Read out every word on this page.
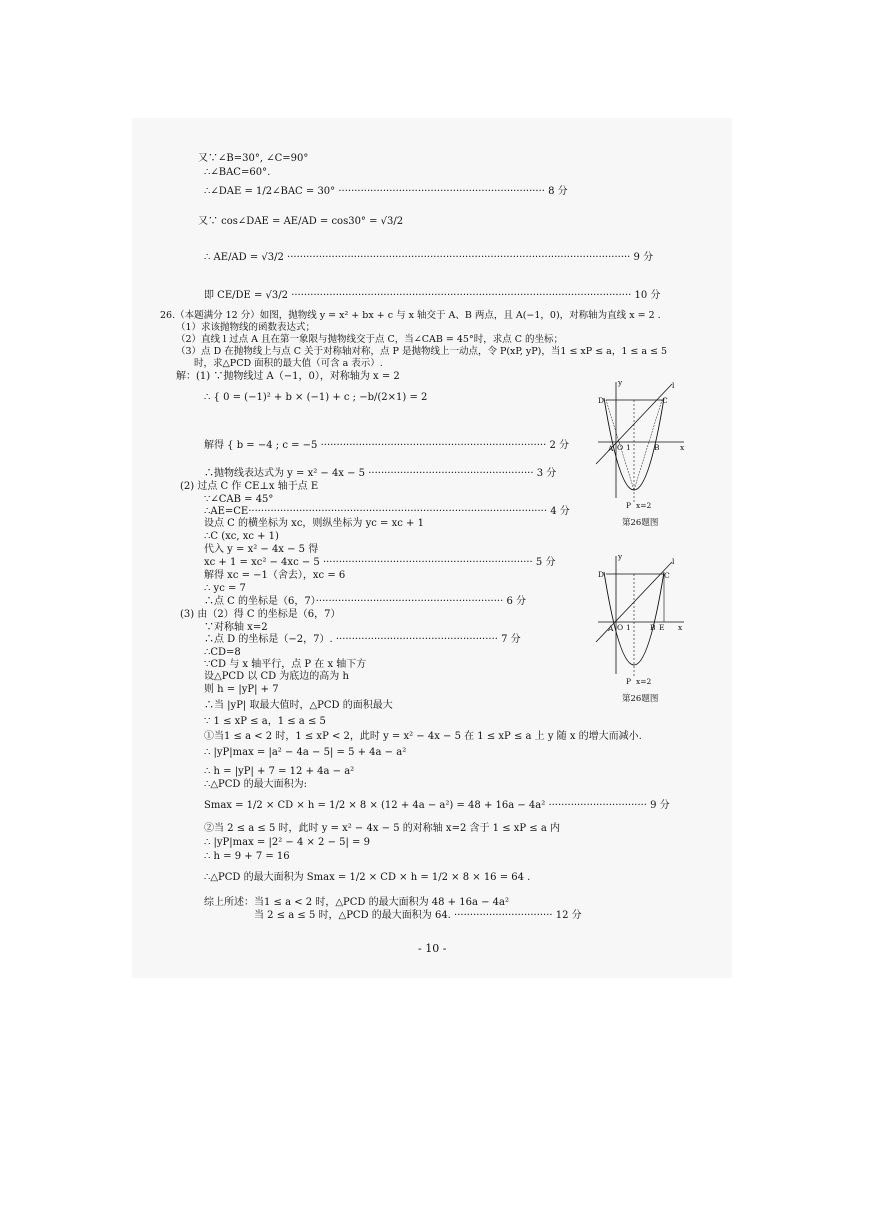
又∵∠B=30°, ∠C=90°
∴∠BAC=60°.
∴∠DAE = 1/2∠BAC = 30° ································································· 8 分
又∵ cos∠DAE = AE/AD = cos30° = √3/2
∴ AE/AD = √3/2 ············································································································ 9 分
即 CE/DE = √3/2 ··········································································································· 10 分
26.（本题满分 12 分）如图，抛物线 y = x² + bx + c 与 x 轴交于 A、B 两点，且 A(−1，0)，对称轴为直线 x = 2 .
（1）求该抛物线的函数表达式；
（2）直线 l 过点 A 且在第一象限与抛物线交于点 C，当∠CAB = 45°时，求点 C 的坐标；
（3）点 D 在抛物线上与点 C 关于对称轴对称，点 P 是抛物线上一动点，令 P(xP, yP)，当1 ≤ xP ≤ a，1 ≤ a ≤ 5
时，求△PCD 面积的最大值（可含 a 表示）.
解：(1) ∵抛物线过 A（−1，0），对称轴为 x = 2
∴ { 0 = (−1)² + b × (−1) + c ; −b/(2×1) = 2
解得 { b = −4 ; c = −5 ······································································· 2 分
∴抛物线表达式为 y = x² − 4x − 5 ···················································· 3 分
(2) 过点 C 作 CE⊥x 轴于点 E
∵∠CAB = 45°
∴AE=CE······························································································ 4 分
设点 C 的横坐标为 xc，则纵坐标为 yc = xc + 1
∴C (xc, xc + 1)
代入 y = x² − 4x − 5 得
xc + 1 = xc² − 4xc − 5 ·································································· 5 分
解得 xc = −1（舍去），xc = 6
∴ yc = 7
∴点 C 的坐标是（6，7）··························································· 6 分
(3) 由（2）得 C 的坐标是（6，7）
∵对称轴 x=2
∴点 D 的坐标是（−2，7）. ··················································· 7 分
∴CD=8
∵CD 与 x 轴平行，点 P 在 x 轴下方
设△PCD 以 CD 为底边的高为 h
则 h = |yP| + 7
∴当 |yP| 取最大值时，△PCD 的面积最大
∵ 1 ≤ xP ≤ a，1 ≤ a ≤ 5
①当1 ≤ a < 2 时，1 ≤ xP < 2，此时 y = x² − 4x − 5 在 1 ≤ xP ≤ a 上 y 随 x 的增大而减小.
∴ |yP|max = |a² − 4a − 5| = 5 + 4a − a²
∴ h = |yP| + 7 = 12 + 4a − a²
∴△PCD 的最大面积为:
Smax = 1/2 × CD × h = 1/2 × 8 × (12 + 4a − a²) = 48 + 16a − 4a² ······························· 9 分
②当 2 ≤ a ≤ 5 时，此时 y = x² − 4x − 5 的对称轴 x=2 含于 1 ≤ xP ≤ a 内
∴ |yP|max = |2² − 4 × 2 − 5| = 9
∴ h = 9 + 7 = 16
∴△PCD 的最大面积为 Smax = 1/2 × CD × h = 1/2 × 8 × 16 = 64 .
综上所述：当1 ≤ a < 2 时，△PCD 的最大面积为 48 + 16a − 4a²
当 2 ≤ a ≤ 5 时，△PCD 的最大面积为 64. ······························· 12 分
y	l
D	C
A O 1	B	x
P x=2
第26题图
y
l
D	C
A O 1	B E x
P x=2
第26题图
- 10 -
